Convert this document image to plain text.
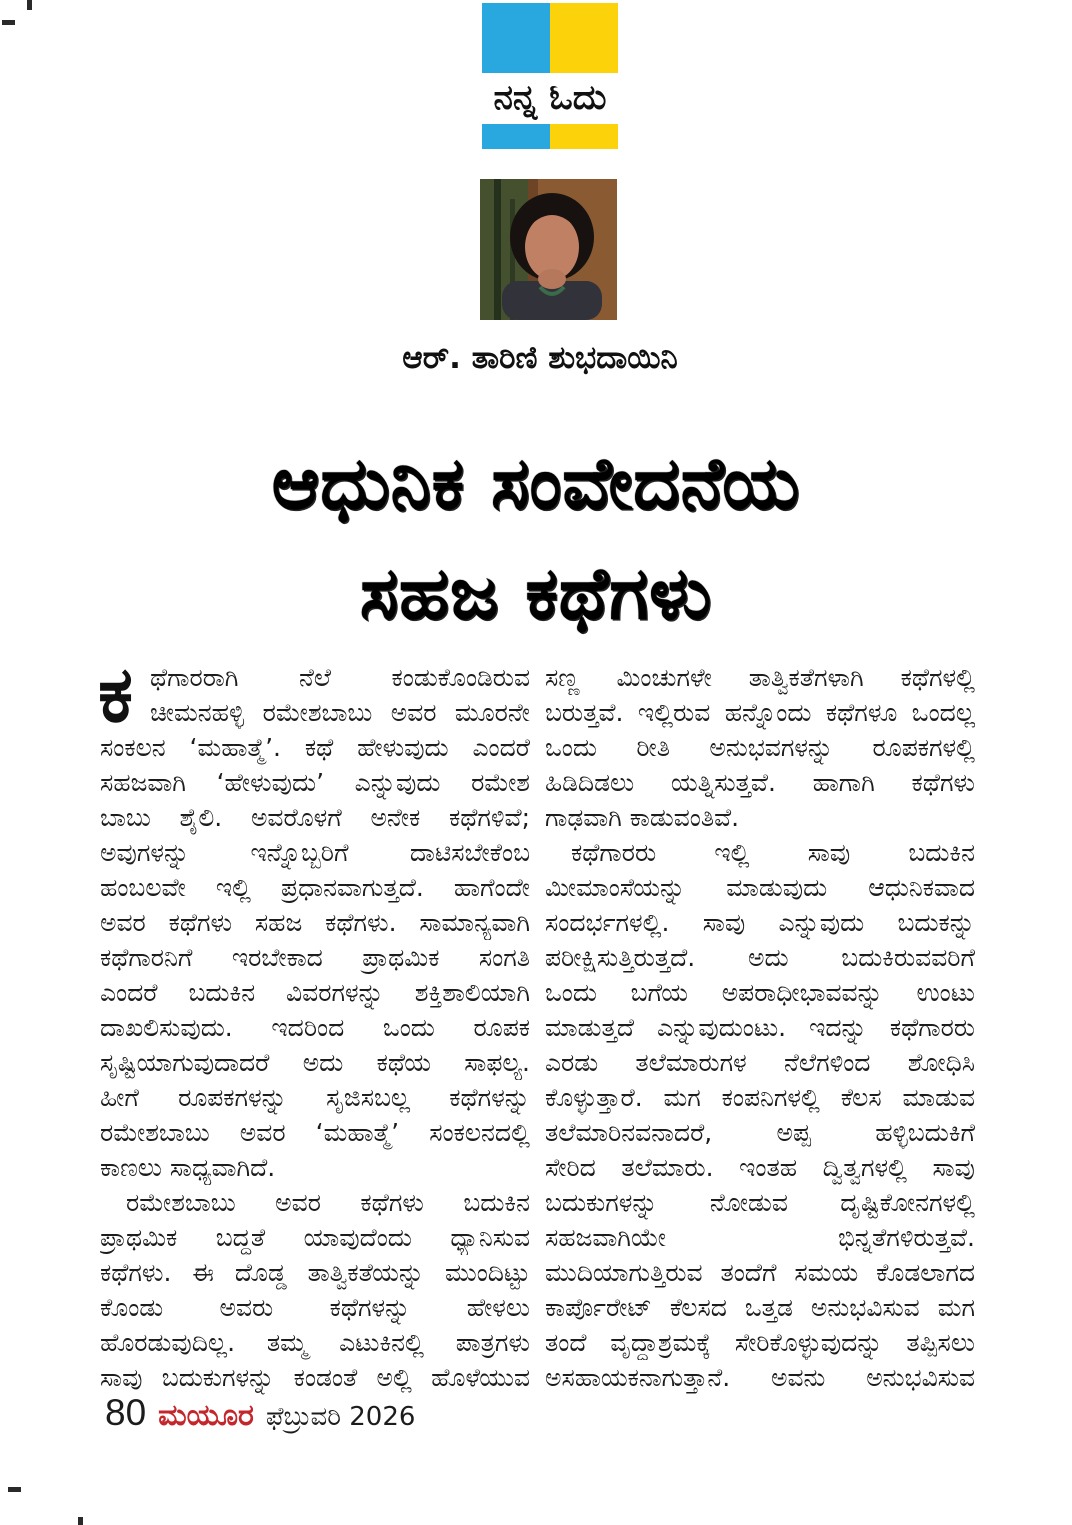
ನನ್ನ ಓದು
ಆರ್. ತಾರಿಣಿ ಶುಭದಾಯಿನಿ
ಆಧುನಿಕ ಸಂವೇದನೆಯ
ಸಹಜ ಕಥೆಗಳು
ಕ ಥೆಗಾರರಾಗಿ ನೆಲೆ ಕಂಡುಕೊಂಡಿರುವ
ಚೀಮನಹಳ್ಳಿ ರಮೇಶಬಾಬು ಅವರ ಮೂರನೇ
ಸಂಕಲನ ‘ಮಹಾತ್ಮೆ’. ಕಥೆ ಹೇಳುವುದು ಎಂದರೆ
ಸಹಜವಾಗಿ ‘ಹೇಳುವುದು’ ಎನ್ನುವುದು ರಮೇಶ
ಬಾಬು ಶೈಲಿ. ಅವರೊಳಗೆ ಅನೇಕ ಕಥೆಗಳಿವೆ;
ಅವುಗಳನ್ನು ಇನ್ನೊಬ್ಬರಿಗೆ ದಾಟಿಸಬೇಕೆಂಬ
ಹಂಬಲವೇ ಇಲ್ಲಿ ಪ್ರಧಾನವಾಗುತ್ತದೆ. ಹಾಗೆಂದೇ
ಅವರ ಕಥೆಗಳು ಸಹಜ ಕಥೆಗಳು. ಸಾಮಾನ್ಯವಾಗಿ
ಕಥೆಗಾರನಿಗೆ ಇರಬೇಕಾದ ಪ್ರಾಥಮಿಕ ಸಂಗತಿ
ಎಂದರೆ ಬದುಕಿನ ವಿವರಗಳನ್ನು ಶಕ್ತಿಶಾಲಿಯಾಗಿ
ದಾಖಲಿಸುವುದು. ಇದರಿಂದ ಒಂದು ರೂಪಕ
ಸೃಷ್ಟಿಯಾಗುವುದಾದರೆ ಅದು ಕಥೆಯ ಸಾಫಲ್ಯ.
ಹೀಗೆ ರೂಪಕಗಳನ್ನು ಸೃಜಿಸಬಲ್ಲ ಕಥೆಗಳನ್ನು
ರಮೇಶಬಾಬು ಅವರ ‘ಮಹಾತ್ಮೆ’ ಸಂಕಲನದಲ್ಲಿ
ಕಾಣಲು ಸಾಧ್ಯವಾಗಿದೆ.
ರಮೇಶಬಾಬು ಅವರ ಕಥೆಗಳು ಬದುಕಿನ
ಪ್ರಾಥಮಿಕ ಬದ್ಧತೆ ಯಾವುದೆಂದು ಧ್ಯಾನಿಸುವ
ಕಥೆಗಳು. ಈ ದೊಡ್ಡ ತಾತ್ವಿಕತೆಯನ್ನು ಮುಂದಿಟ್ಟು
ಕೊಂಡು ಅವರು ಕಥೆಗಳನ್ನು ಹೇಳಲು
ಹೊರಡುವುದಿಲ್ಲ. ತಮ್ಮ ಎಟುಕಿನಲ್ಲಿ ಪಾತ್ರಗಳು
ಸಾವು ಬದುಕುಗಳನ್ನು ಕಂಡಂತೆ ಅಲ್ಲಿ ಹೊಳೆಯುವ
ಸಣ್ಣ ಮಿಂಚುಗಳೇ ತಾತ್ವಿಕತೆಗಳಾಗಿ ಕಥೆಗಳಲ್ಲಿ
ಬರುತ್ತವೆ. ಇಲ್ಲಿರುವ ಹನ್ನೊಂದು ಕಥೆಗಳೂ ಒಂದಲ್ಲ
ಒಂದು ರೀತಿ ಅನುಭವಗಳನ್ನು ರೂಪಕಗಳಲ್ಲಿ
ಹಿಡಿದಿಡಲು ಯತ್ನಿಸುತ್ತವೆ. ಹಾಗಾಗಿ ಕಥೆಗಳು
ಗಾಢವಾಗಿ ಕಾಡುವಂತಿವೆ.
ಕಥೆಗಾರರು ಇಲ್ಲಿ ಸಾವು ಬದುಕಿನ
ಮೀಮಾಂಸೆಯನ್ನು ಮಾಡುವುದು ಆಧುನಿಕವಾದ
ಸಂದರ್ಭಗಳಲ್ಲಿ. ಸಾವು ಎನ್ನುವುದು ಬದುಕನ್ನು
ಪರೀಕ್ಷಿಸುತ್ತಿರುತ್ತದೆ. ಅದು ಬದುಕಿರುವವರಿಗೆ
ಒಂದು ಬಗೆಯ ಅಪರಾಧೀಭಾವವನ್ನು ಉಂಟು
ಮಾಡುತ್ತದೆ ಎನ್ನುವುದುಂಟು. ಇದನ್ನು ಕಥೆಗಾರರು
ಎರಡು ತಲೆಮಾರುಗಳ ನೆಲೆಗಳಿಂದ ಶೋಧಿಸಿ
ಕೊಳ್ಳುತ್ತಾರೆ. ಮಗ ಕಂಪನಿಗಳಲ್ಲಿ ಕೆಲಸ ಮಾಡುವ
ತಲೆಮಾರಿನವನಾದರೆ, ಅಪ್ಪ ಹಳ್ಳಿಬದುಕಿಗೆ
ಸೇರಿದ ತಲೆಮಾರು. ಇಂತಹ ದ್ವಿತ್ವಗಳಲ್ಲಿ ಸಾವು
ಬದುಕುಗಳನ್ನು ನೋಡುವ ದೃಷ್ಟಿಕೋನಗಳಲ್ಲಿ
ಸಹಜವಾಗಿಯೇ ಭಿನ್ನತೆಗಳಿರುತ್ತವೆ.
ಮುದಿಯಾಗುತ್ತಿರುವ ತಂದೆಗೆ ಸಮಯ ಕೊಡಲಾಗದ
ಕಾರ್ಪೊರೇಟ್ ಕೆಲಸದ ಒತ್ತಡ ಅನುಭವಿಸುವ ಮಗ
ತಂದೆ ವೃದ್ಧಾಶ್ರಮಕ್ಕೆ ಸೇರಿಕೊಳ್ಳುವುದನ್ನು ತಪ್ಪಿಸಲು
ಅಸಹಾಯಕನಾಗುತ್ತಾನೆ. ಅವನು ಅನುಭವಿಸುವ
80 ಮಯೂರ ಫೆಬ್ರುವರಿ 2026
